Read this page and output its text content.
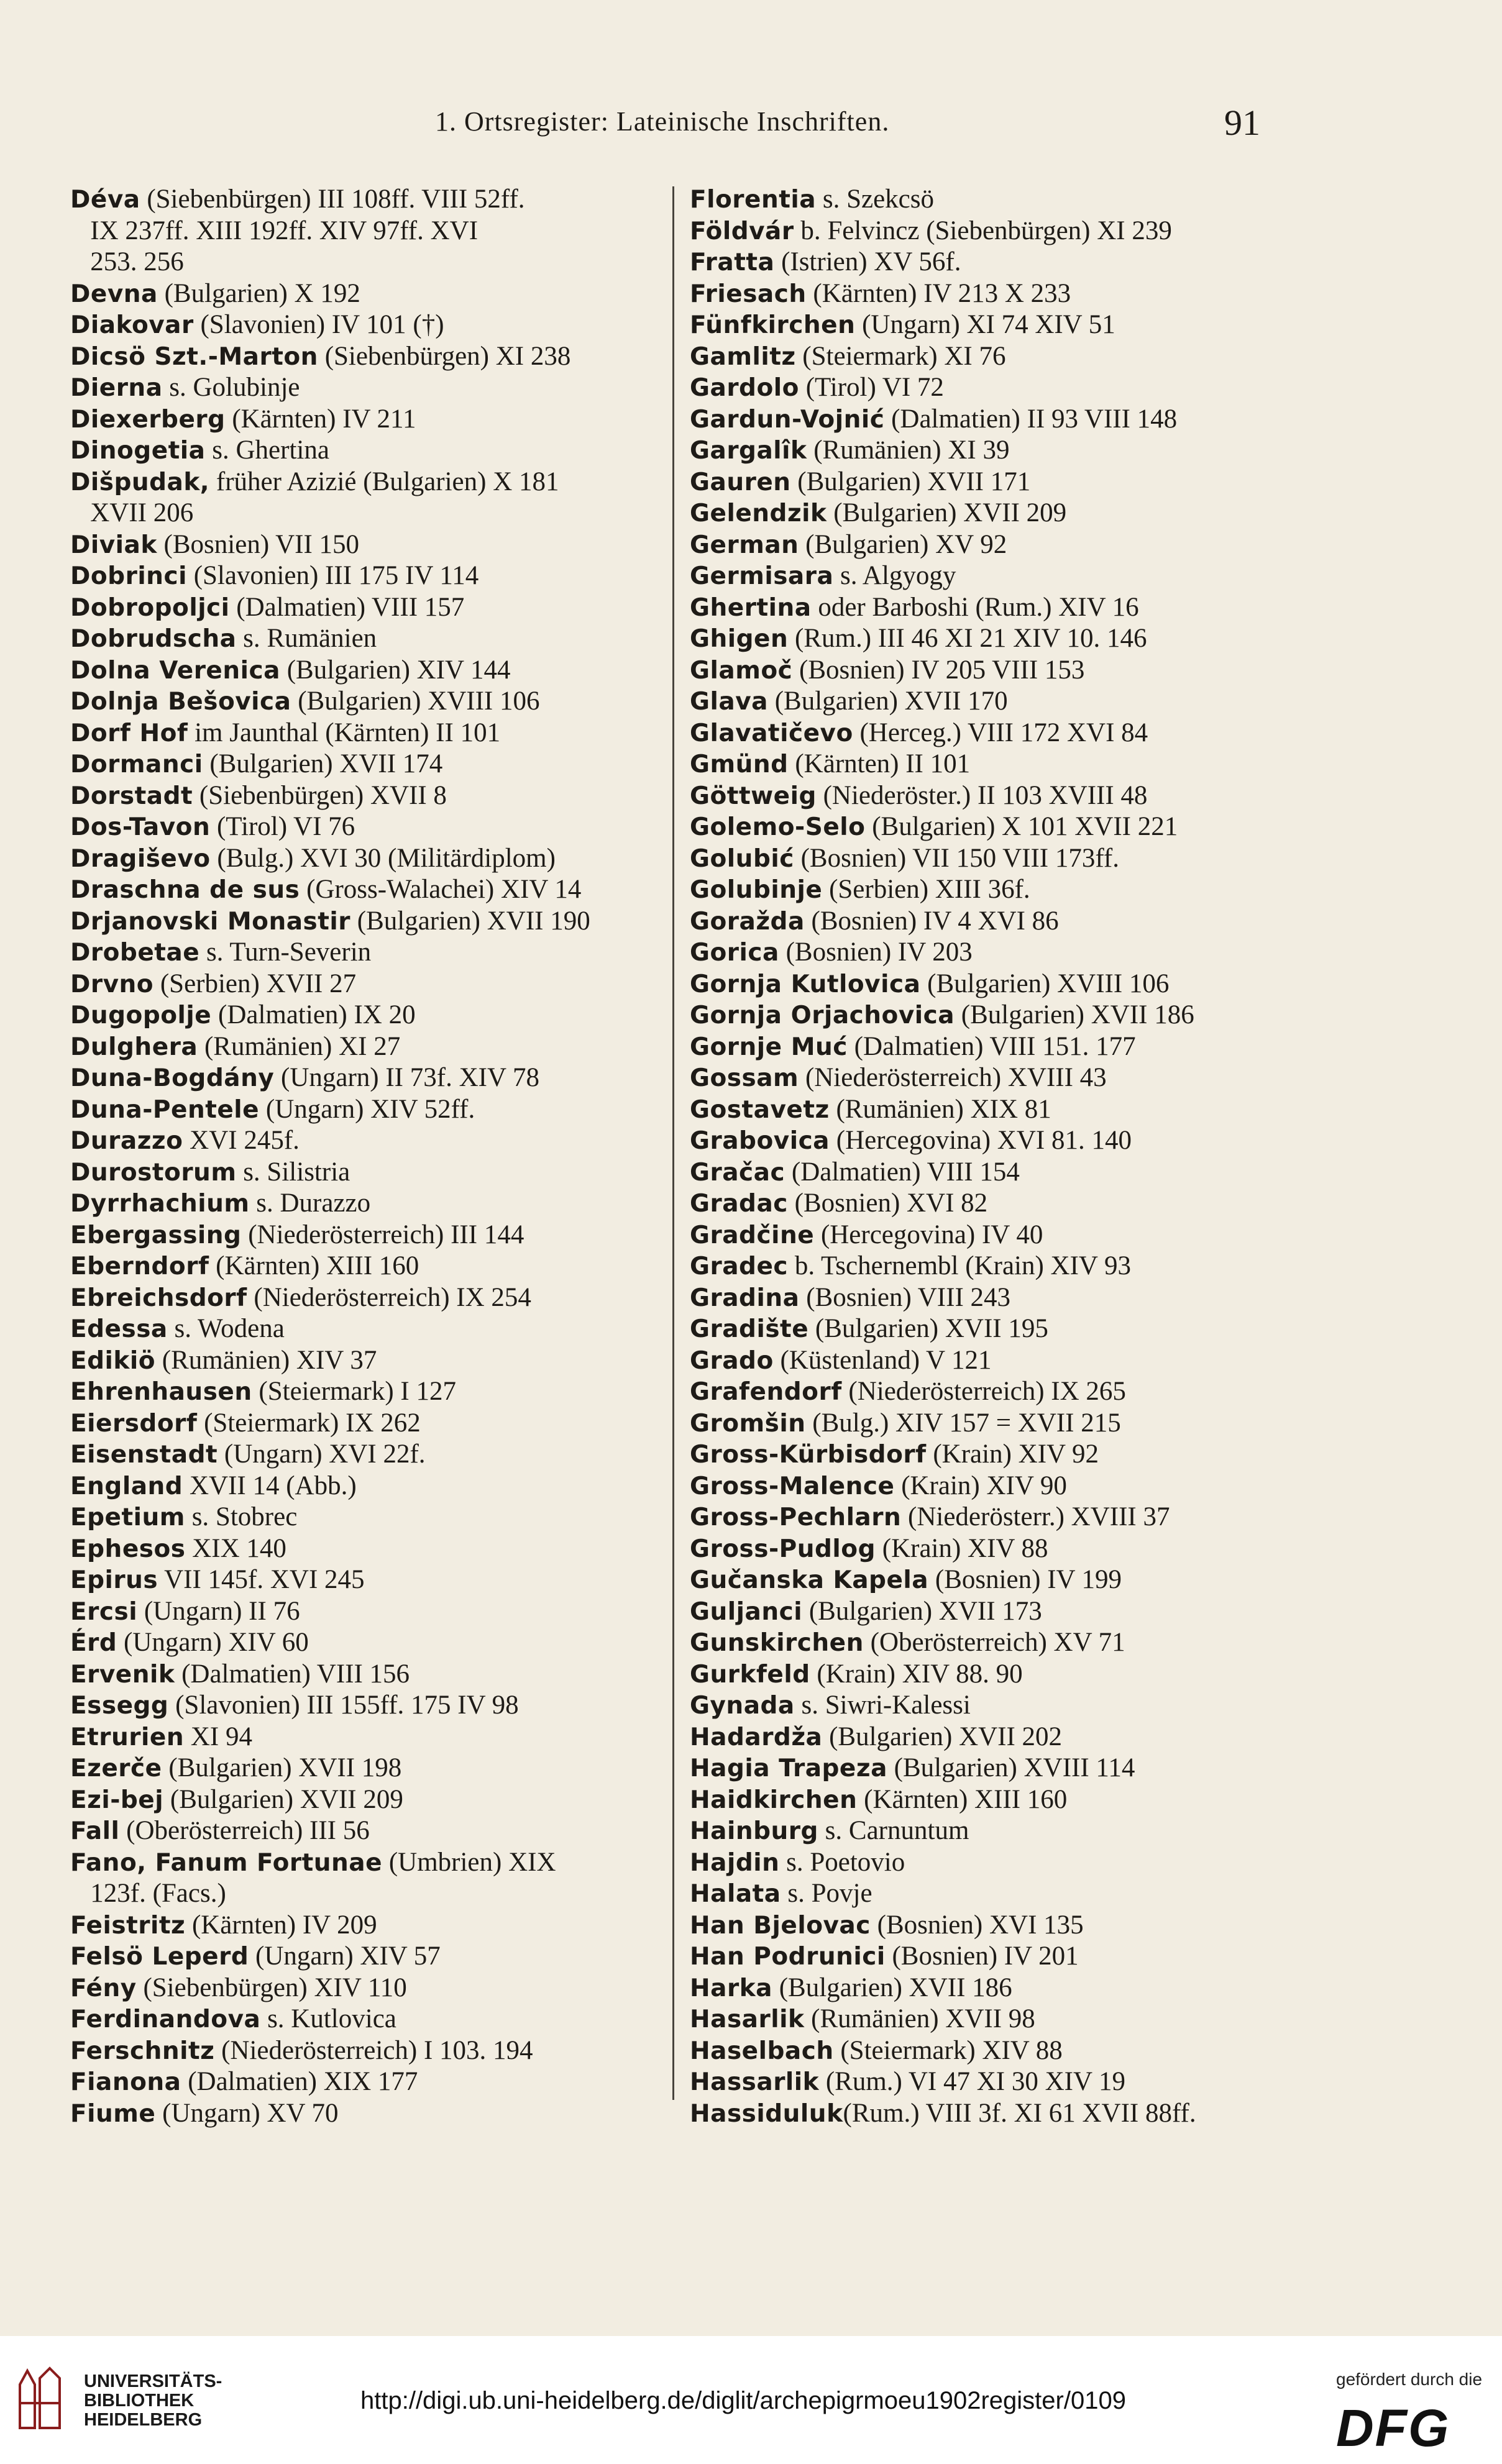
1. Ortsregister: Lateinische Inschriften.	91
Déva (Siebenbürgen) III 108ff. VIII 52ff.
IX 237ff. XIII 192ff. XIV 97ff. XVI
253. 256
Devna (Bulgarien) X 192
Diakovar (Slavonien) IV 101 (†)
Dicsö Szt.-Marton (Siebenbürgen) XI 238
Dierna s. Golubinje
Diexerberg (Kärnten) IV 211
Dinogetia s. Ghertina
Dišpudak, früher Azizié (Bulgarien) X 181
XVII 206
Diviak (Bosnien) VII 150
Dobrinci (Slavonien) III 175 IV 114
Dobropoljci (Dalmatien) VIII 157
Dobrudscha s. Rumänien
Dolna Verenica (Bulgarien) XIV 144
Dolnja Bešovica (Bulgarien) XVIII 106
Dorf Hof im Jaunthal (Kärnten) II 101
Dormanci (Bulgarien) XVII 174
Dorstadt (Siebenbürgen) XVII 8
Dos-Tavon (Tirol) VI 76
Dragiševo (Bulg.) XVI 30 (Militärdiplom)
Draschna de sus (Gross-Walachei) XIV 14
Drjanovski Monastir (Bulgarien) XVII 190
Drobetae s. Turn-Severin
Drvno (Serbien) XVII 27
Dugopolje (Dalmatien) IX 20
Dulghera (Rumänien) XI 27
Duna-Bogdány (Ungarn) II 73f. XIV 78
Duna-Pentele (Ungarn) XIV 52ff.
Durazzo XVI 245f.
Durostorum s. Silistria
Dyrrhachium s. Durazzo
Ebergassing (Niederösterreich) III 144
Eberndorf (Kärnten) XIII 160
Ebreichsdorf (Niederösterreich) IX 254
Edessa s. Wodena
Edikiö (Rumänien) XIV 37
Ehrenhausen (Steiermark) I 127
Eiersdorf (Steiermark) IX 262
Eisenstadt (Ungarn) XVI 22f.
England XVII 14 (Abb.)
Epetium s. Stobrec
Ephesos XIX 140
Epirus VII 145f. XVI 245
Ercsi (Ungarn) II 76
Érd (Ungarn) XIV 60
Ervenik (Dalmatien) VIII 156
Essegg (Slavonien) III 155ff. 175 IV 98
Etrurien XI 94
Ezerče (Bulgarien) XVII 198
Ezi-bej (Bulgarien) XVII 209
Fall (Oberösterreich) III 56
Fano, Fanum Fortunae (Umbrien) XIX
123f. (Facs.)
Feistritz (Kärnten) IV 209
Felsö Leperd (Ungarn) XIV 57
Fény (Siebenbürgen) XIV 110
Ferdinandova s. Kutlovica
Ferschnitz (Niederösterreich) I 103. 194
Fianona (Dalmatien) XIX 177
Fiume (Ungarn) XV 70
Florentia s. Szekcsö
Földvár b. Felvincz (Siebenbürgen) XI 239
Fratta (Istrien) XV 56f.
Friesach (Kärnten) IV 213 X 233
Fünfkirchen (Ungarn) XI 74 XIV 51
Gamlitz (Steiermark) XI 76
Gardolo (Tirol) VI 72
Gardun-Vojnić (Dalmatien) II 93 VIII 148
Gargalîk (Rumänien) XI 39
Gauren (Bulgarien) XVII 171
Gelendzik (Bulgarien) XVII 209
German (Bulgarien) XV 92
Germisara s. Algyogy
Ghertina oder Barboshi (Rum.) XIV 16
Ghigen (Rum.) III 46 XI 21 XIV 10. 146
Glamoč (Bosnien) IV 205 VIII 153
Glava (Bulgarien) XVII 170
Glavatičevo (Herceg.) VIII 172 XVI 84
Gmünd (Kärnten) II 101
Göttweig (Niederöster.) II 103 XVIII 48
Golemo-Selo (Bulgarien) X 101 XVII 221
Golubić (Bosnien) VII 150 VIII 173ff.
Golubinje (Serbien) XIII 36f.
Goražda (Bosnien) IV 4 XVI 86
Gorica (Bosnien) IV 203
Gornja Kutlovica (Bulgarien) XVIII 106
Gornja Orjachovica (Bulgarien) XVII 186
Gornje Muć (Dalmatien) VIII 151. 177
Gossam (Niederösterreich) XVIII 43
Gostavetz (Rumänien) XIX 81
Grabovica (Hercegovina) XVI 81. 140
Gračac (Dalmatien) VIII 154
Gradac (Bosnien) XVI 82
Gradčine (Hercegovina) IV 40
Gradec b. Tschernembl (Krain) XIV 93
Gradina (Bosnien) VIII 243
Gradište (Bulgarien) XVII 195
Grado (Küstenland) V 121
Grafendorf (Niederösterreich) IX 265
Gromšin (Bulg.) XIV 157 = XVII 215
Gross-Kürbisdorf (Krain) XIV 92
Gross-Malence (Krain) XIV 90
Gross-Pechlarn (Niederösterr.) XVIII 37
Gross-Pudlog (Krain) XIV 88
Gučanska Kapela (Bosnien) IV 199
Guljanci (Bulgarien) XVII 173
Gunskirchen (Oberösterreich) XV 71
Gurkfeld (Krain) XIV 88. 90
Gynada s. Siwri-Kalessi
Hadardža (Bulgarien) XVII 202
Hagia Trapeza (Bulgarien) XVIII 114
Haidkirchen (Kärnten) XIII 160
Hainburg s. Carnuntum
Hajdin s. Poetovio
Halata s. Povje
Han Bjelovac (Bosnien) XVI 135
Han Podrunici (Bosnien) IV 201
Harka (Bulgarien) XVII 186
Hasarlik (Rumänien) XVII 98
Haselbach (Steiermark) XIV 88
Hassarlik (Rum.) VI 47 XI 30 XIV 19
Hassiduluk(Rum.) VIII 3f. XI 61 XVII 88ff.
UNIVERSITÄTS-
BIBLIOTHEK
HEIDELBERG
http://digi.ub.uni-heidelberg.de/diglit/archepigrmoeu1902register/0109
gefördert durch die
DFG
